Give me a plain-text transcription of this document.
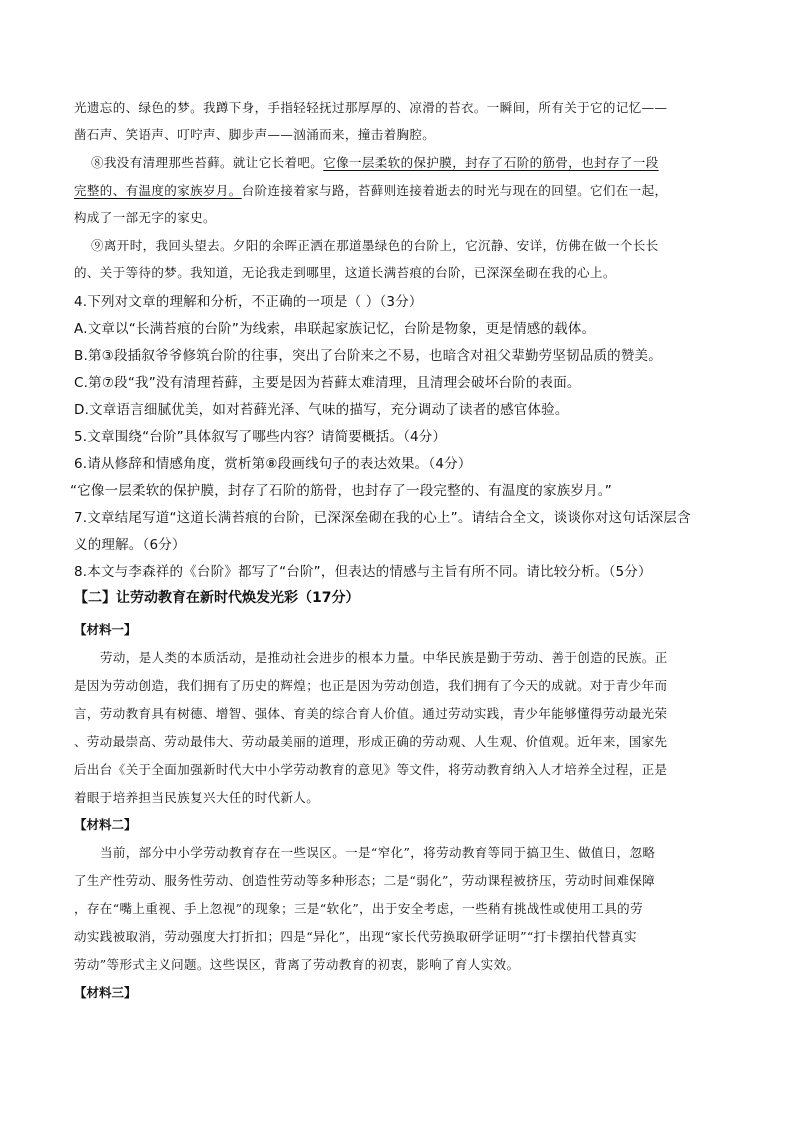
光遗忘的、绿色的梦。我蹲下身，手指轻轻抚过那厚厚的、凉滑的苔衣。一瞬间，所有关于它的记忆——
凿石声、笑语声、叮咛声、脚步声——汹涌而来，撞击着胸腔。
⑧我没有清理那些苔藓。就让它长着吧。它像一层柔软的保护膜，封存了石阶的筋骨，也封存了一段
完整的、有温度的家族岁月。台阶连接着家与路，苔藓则连接着逝去的时光与现在的回望。它们在一起，
构成了一部无字的家史。
⑨离开时，我回头望去。夕阳的余晖正洒在那道墨绿色的台阶上，它沉静、安详，仿佛在做一个长长
的、关于等待的梦。我知道，无论我走到哪里，这道长满苔痕的台阶，已深深垒砌在我的心上。
4.下列对文章的理解和分析，不正确的一项是（ ）（3分）
A.文章以“长满苔痕的台阶”为线索，串联起家族记忆，台阶是物象，更是情感的载体。
B.第③段插叙爷爷修筑台阶的往事，突出了台阶来之不易，也暗含对祖父辈勤劳坚韧品质的赞美。
C.第⑦段“我”没有清理苔藓，主要是因为苔藓太难清理，且清理会破坏台阶的表面。
D.文章语言细腻优美，如对苔藓光泽、气味的描写，充分调动了读者的感官体验。
5.文章围绕“台阶”具体叙写了哪些内容？请简要概括。（4分）
6.请从修辞和情感角度，赏析第⑧段画线句子的表达效果。（4分）
“它像一层柔软的保护膜，封存了石阶的筋骨，也封存了一段完整的、有温度的家族岁月。”
7.文章结尾写道“这道长满苔痕的台阶，已深深垒砌在我的心上”。请结合全文，谈谈你对这句话深层含
义的理解。（6分）
8.本文与李森祥的《台阶》都写了“台阶”，但表达的情感与主旨有所不同。请比较分析。（5分）
【二】让劳动教育在新时代焕发光彩（17分）
【材料一】
劳动，是人类的本质活动，是推动社会进步的根本力量。中华民族是勤于劳动、善于创造的民族。正
是因为劳动创造，我们拥有了历史的辉煌；也正是因为劳动创造，我们拥有了今天的成就。对于青少年而
言，劳动教育具有树德、增智、强体、育美的综合育人价值。通过劳动实践，青少年能够懂得劳动最光荣
、劳动最崇高、劳动最伟大、劳动最美丽的道理，形成正确的劳动观、人生观、价值观。近年来，国家先
后出台《关于全面加强新时代大中小学劳动教育的意见》等文件，将劳动教育纳入人才培养全过程，正是
着眼于培养担当民族复兴大任的时代新人。
【材料二】
当前，部分中小学劳动教育存在一些误区。一是“窄化”，将劳动教育等同于搞卫生、做值日，忽略
了生产性劳动、服务性劳动、创造性劳动等多种形态；二是“弱化”，劳动课程被挤压，劳动时间难保障
，存在“嘴上重视、手上忽视”的现象；三是“软化”，出于安全考虑，一些稍有挑战性或使用工具的劳
动实践被取消，劳动强度大打折扣；四是“异化”，出现“家长代劳换取研学证明”“打卡摆拍代替真实
劳动”等形式主义问题。这些误区，背离了劳动教育的初衷，影响了育人实效。
【材料三】
